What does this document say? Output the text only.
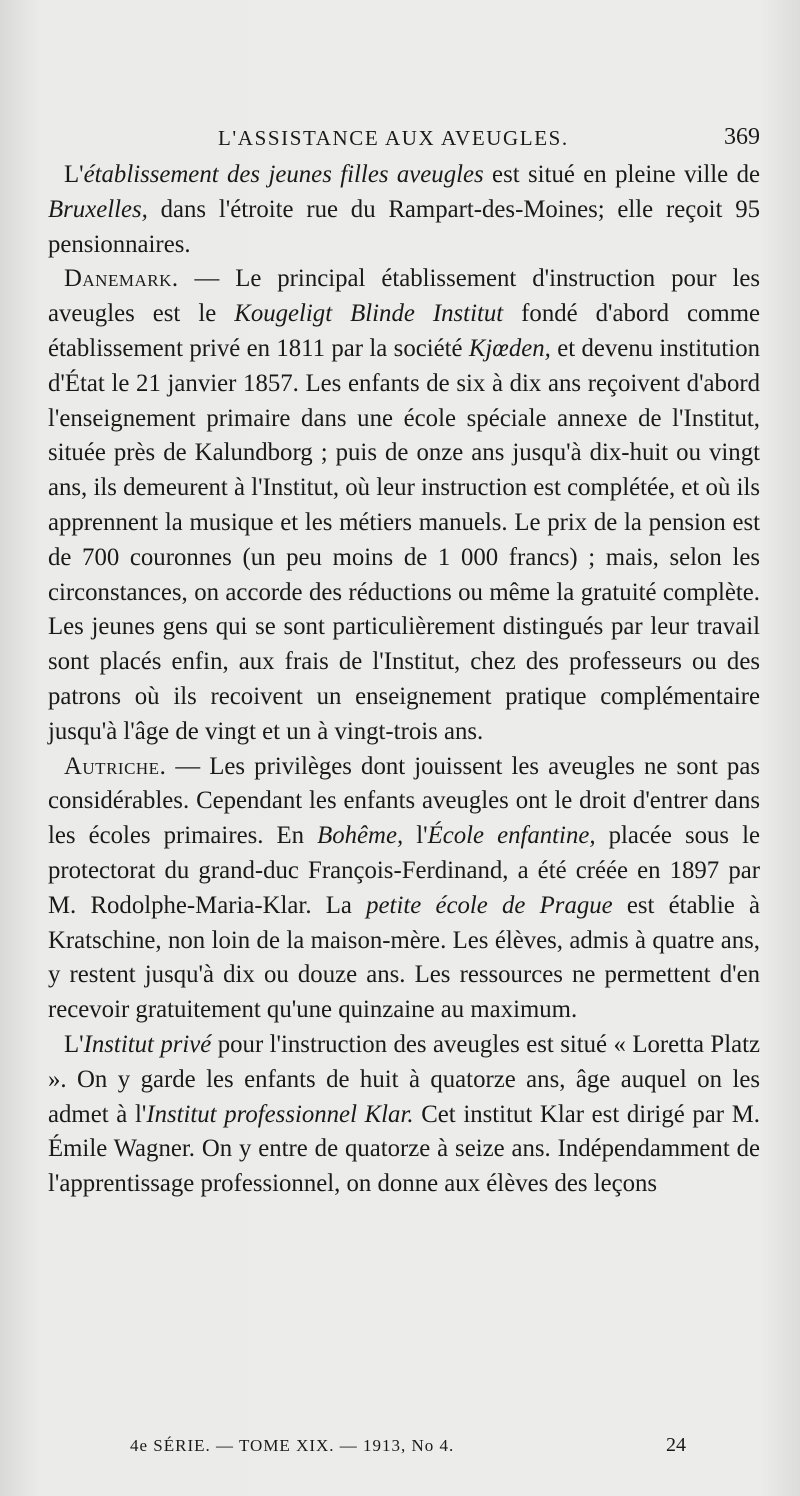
L'ASSISTANCE AUX AVEUGLES.	369

L'établissement des jeunes filles aveugles est situé en pleine ville de Bruxelles, dans l'étroite rue du Rampart-des-Moines; elle reçoit 95 pensionnaires.

Danemark. — Le principal établissement d'instruction pour les aveugles est le Kougeligt Blinde Institut fondé d'abord comme établissement privé en 1811 par la société Kjœden, et devenu institution d'État le 21 janvier 1857. Les enfants de six à dix ans reçoivent d'abord l'enseignement primaire dans une école spéciale annexe de l'Institut, située près de Kalundborg ; puis de onze ans jusqu'à dix-huit ou vingt ans, ils demeurent à l'Institut, où leur instruction est complétée, et où ils apprennent la musique et les métiers manuels. Le prix de la pension est de 700 couronnes (un peu moins de 1 000 francs) ; mais, selon les circonstances, on accorde des réductions ou même la gratuité complète. Les jeunes gens qui se sont particulièrement distingués par leur travail sont placés enfin, aux frais de l'Institut, chez des professeurs ou des patrons où ils recoivent un enseignement pratique complémentaire jusqu'à l'âge de vingt et un à vingt-trois ans.

Autriche. — Les privilèges dont jouissent les aveugles ne sont pas considérables. Cependant les enfants aveugles ont le droit d'entrer dans les écoles primaires. En Bohême, l'École enfantine, placée sous le protectorat du grand-duc François-Ferdinand, a été créée en 1897 par M. Rodolphe-Maria-Klar. La petite école de Prague est établie à Kratschine, non loin de la maison-mère. Les élèves, admis à quatre ans, y restent jusqu'à dix ou douze ans. Les ressources ne permettent d'en recevoir gratuitement qu'une quinzaine au maximum.

L'Institut privé pour l'instruction des aveugles est situé « Loretta Platz ». On y garde les enfants de huit à quatorze ans, âge auquel on les admet à l'Institut professionnel Klar. Cet institut Klar est dirigé par M. Émile Wagner. On y entre de quatorze à seize ans. Indépendamment de l'apprentissage professionnel, on donne aux élèves des leçons

4e SÉRIE. — TOME XIX. — 1913, No 4.	24
